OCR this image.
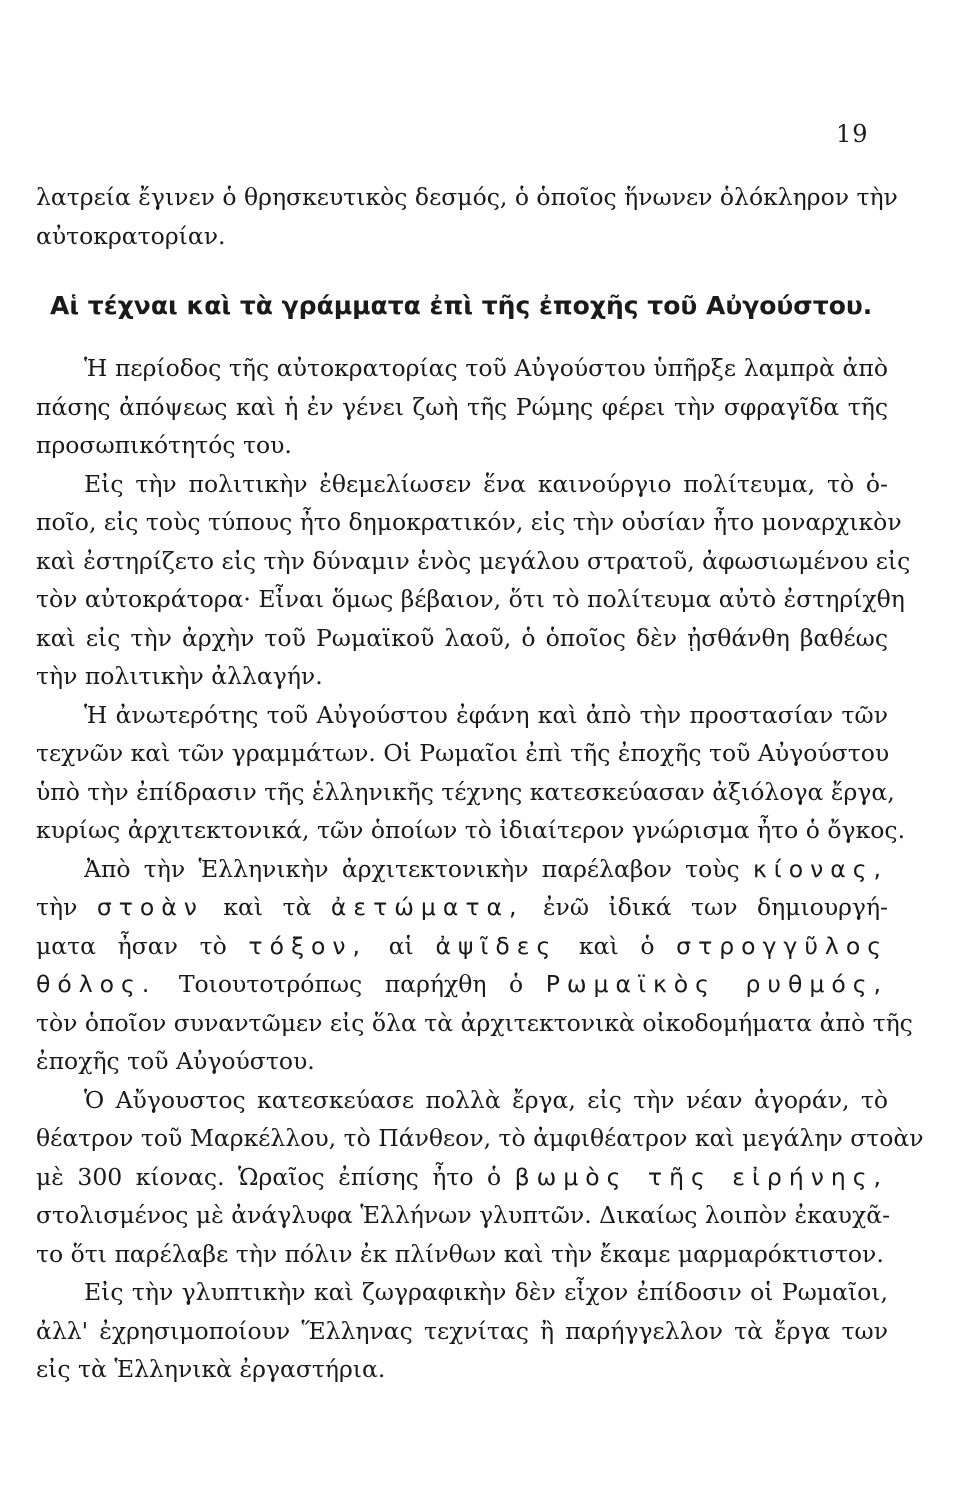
19
λατρεία ἔγινεν ὁ θρησκευτικὸς δεσμός, ὁ ὁποῖος ἥνωνεν ὁλόκληρον τὴν
αὐτοκρατορίαν.
Αἱ τέχναι καὶ τὰ γράμματα ἐπὶ τῆς ἐποχῆς τοῦ Αὐγούστου.
Ἡ περίοδος τῆς αὐτοκρατορίας τοῦ Αὐγούστου ὑπῆρξε λαμπρὰ ἀπὸ
πάσης ἀπόψεως καὶ ἡ ἐν γένει ζωὴ τῆς Ρώμης φέρει τὴν σφραγῖδα τῆς
προσωπικότητός του.
Εἰς τὴν πολιτικὴν ἐθεμελίωσεν ἕνα καινούργιο πολίτευμα, τὸ ὁ-
ποῖο, εἰς τοὺς τύπους ἦτο δημοκρατικόν, εἰς τὴν οὐσίαν ἦτο μοναρχικὸν
καὶ ἐστηρίζετο εἰς τὴν δύναμιν ἑνὸς μεγάλου στρατοῦ, ἀφωσιωμένου εἰς
τὸν αὐτοκράτορα· Εἶναι ὅμως βέβαιον, ὅτι τὸ πολίτευμα αὐτὸ ἐστηρίχθη
καὶ εἰς τὴν ἀρχὴν τοῦ Ρωμαϊκοῦ λαοῦ, ὁ ὁποῖος δὲν ᾐσθάνθη βαθέως
τὴν πολιτικὴν ἀλλαγήν.
Ἡ ἀνωτερότης τοῦ Αὐγούστου ἐφάνη καὶ ἀπὸ τὴν προστασίαν τῶν
τεχνῶν καὶ τῶν γραμμάτων. Οἱ Ρωμαῖοι ἐπὶ τῆς ἐποχῆς τοῦ Αὐγούστου
ὑπὸ τὴν ἐπίδρασιν τῆς ἑλληνικῆς τέχνης κατεσκεύασαν ἀξιόλογα ἔργα,
κυρίως ἀρχιτεκτονικά, τῶν ὁποίων τὸ ἰδιαίτερον γνώρισμα ἦτο ὁ ὄγκος.
Ἀπὸ τὴν Ἑλληνικὴν ἀρχιτεκτονικὴν παρέλαβον τοὺς κίονας,
τὴν στοὰν καὶ τὰ ἀετώματα, ἐνῶ ἰδικά των δημιουργή-
ματα ἦσαν τὸ τόξον, αἱ ἀψῖδες καὶ ὁ στρογγῦλος
θόλος. Τοιουτοτρόπως παρήχθη ὁ Ρωμαϊκὸς ρυθμός,
τὸν ὁποῖον συναντῶμεν εἰς ὅλα τὰ ἀρχιτεκτονικὰ οἰκοδομήματα ἀπὸ τῆς
ἐποχῆς τοῦ Αὐγούστου.
Ὁ Αὔγουστος κατεσκεύασε πολλὰ ἔργα, εἰς τὴν νέαν ἀγοράν, τὸ
θέατρον τοῦ Μαρκέλλου, τὸ Πάνθεον, τὸ ἀμφιθέατρον καὶ μεγάλην στοὰν
μὲ 300 κίονας. Ὡραῖος ἐπίσης ἦτο ὁ βωμὸς τῆς εἰρήνης,
στολισμένος μὲ ἀνάγλυφα Ἑλλήνων γλυπτῶν. Δικαίως λοιπὸν ἐκαυχᾶ-
το ὅτι παρέλαβε τὴν πόλιν ἐκ πλίνθων καὶ τὴν ἔκαμε μαρμαρόκτιστον.
Εἰς τὴν γλυπτικὴν καὶ ζωγραφικὴν δὲν εἶχον ἐπίδοσιν οἱ Ρωμαῖοι,
ἀλλ' ἐχρησιμοποίουν Ἕλληνας τεχνίτας ἢ παρήγγελλον τὰ ἔργα των
εἰς τὰ Ἑλληνικὰ ἐργαστήρια.
